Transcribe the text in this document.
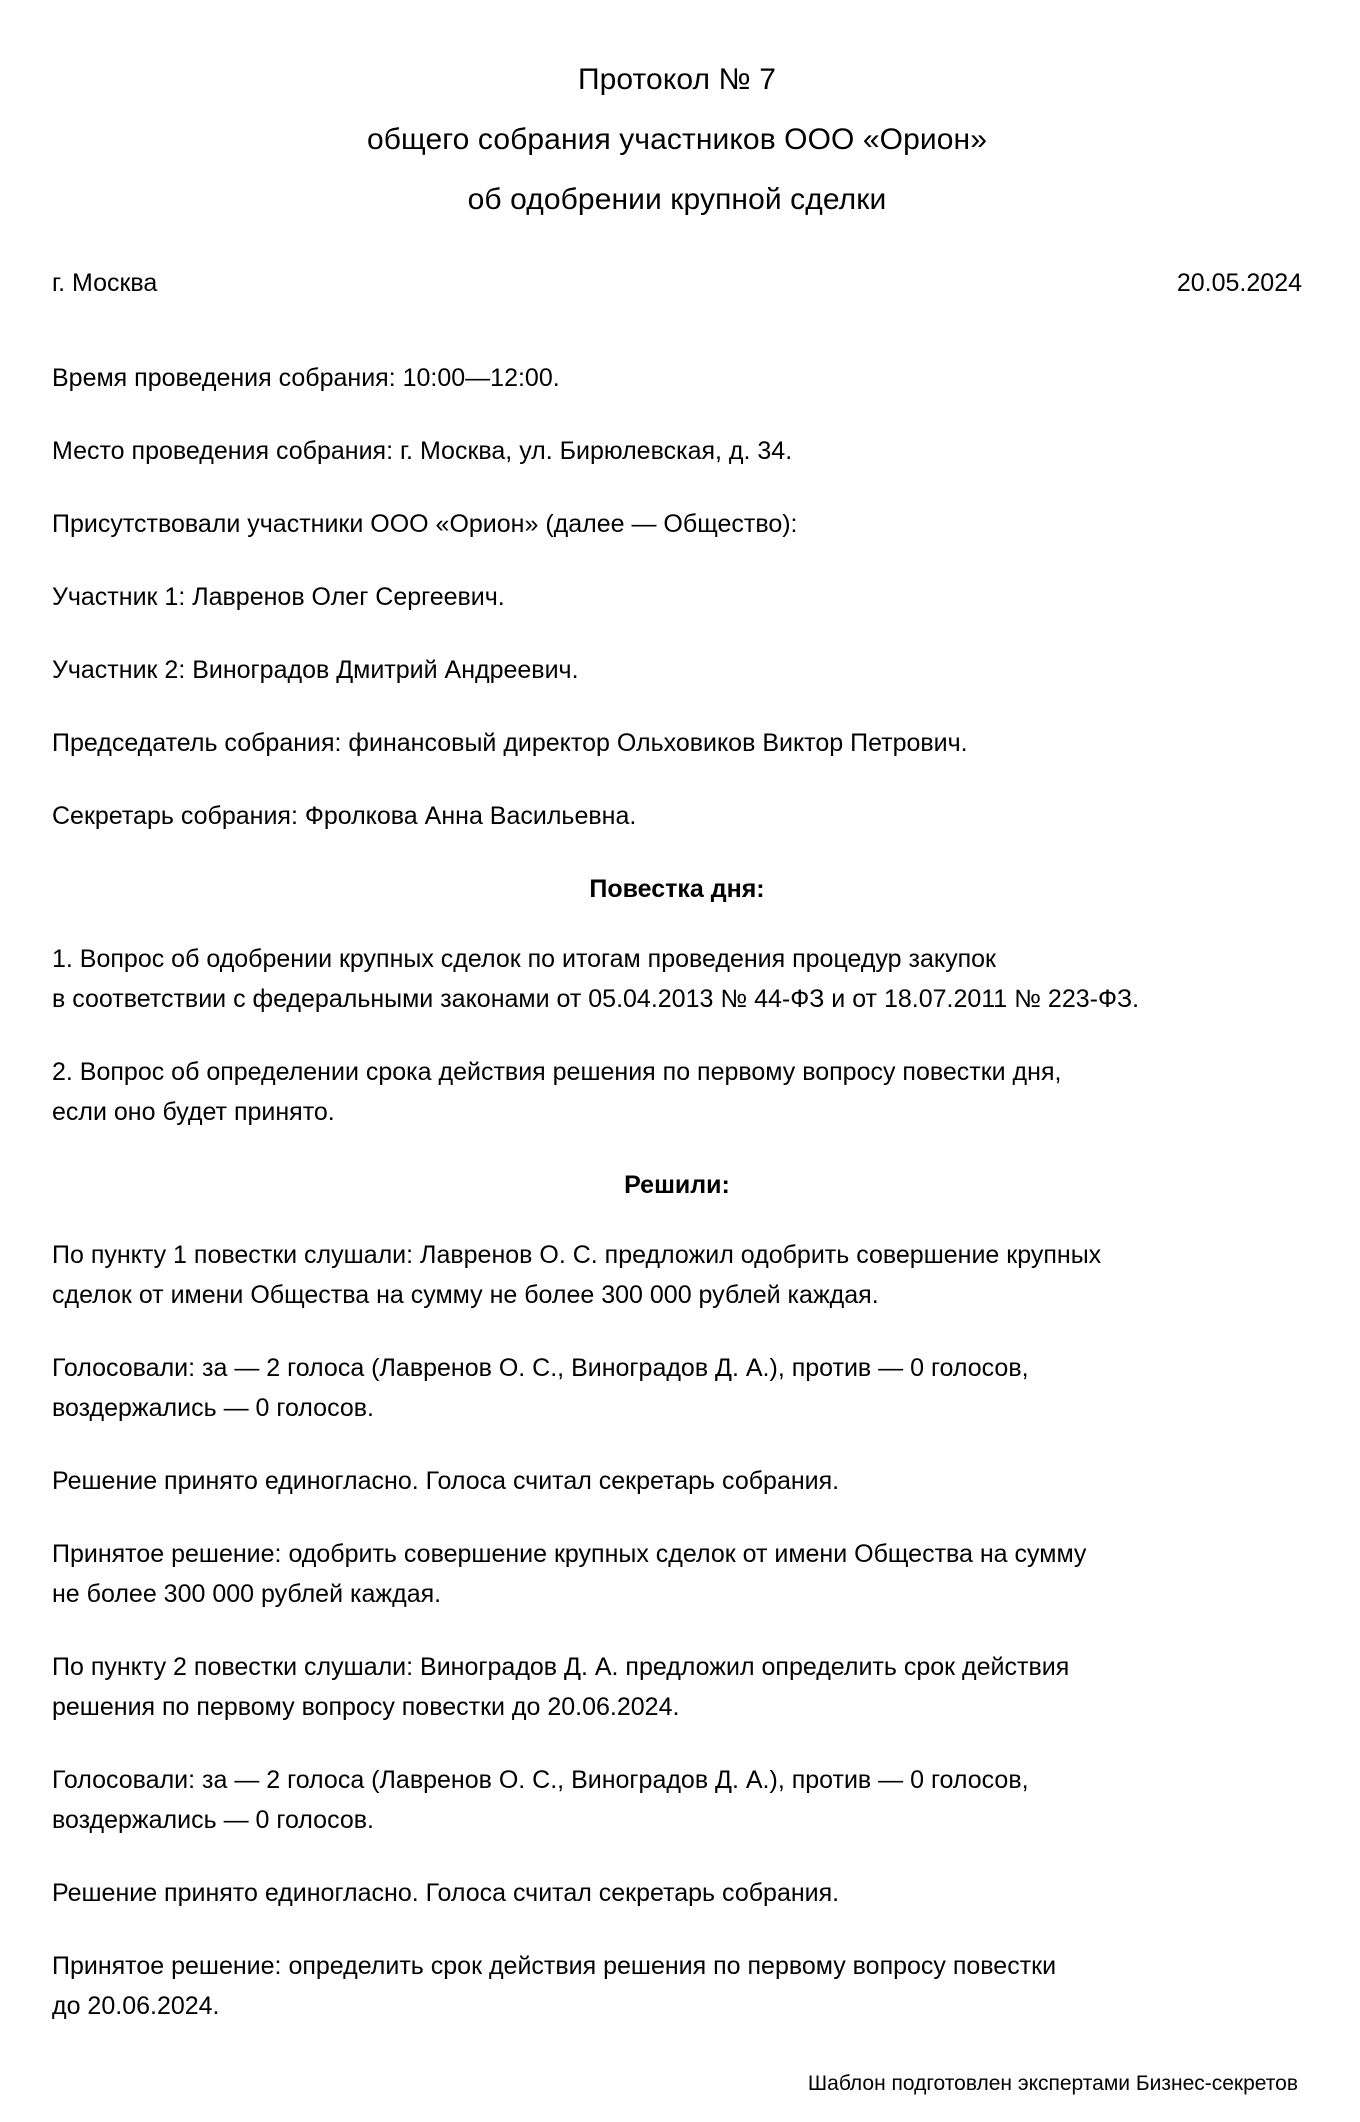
Протокол № 7
общего собрания участников ООО «Орион»
об одобрении крупной сделки
г. Москва	20.05.2024

Время проведения собрания: 10:00—12:00.

Место проведения собрания: г. Москва, ул. Бирюлевская, д. 34.

Присутствовали участники ООО «Орион» (далее — Общество):

Участник 1: Лавренов Олег Сергеевич.

Участник 2: Виноградов Дмитрий Андреевич.

Председатель собрания: финансовый директор Ольховиков Виктор Петрович.

Секретарь собрания: Фролкова Анна Васильевна.

Повестка дня:

1. Вопрос об одобрении крупных сделок по итогам проведения процедур закупок
в соответствии с федеральными законами от 05.04.2013 № 44-ФЗ и от 18.07.2011 № 223-ФЗ.

2. Вопрос об определении срока действия решения по первому вопросу повестки дня,
если оно будет принято.

Решили:

По пункту 1 повестки слушали: Лавренов О. С. предложил одобрить совершение крупных
сделок от имени Общества на сумму не более 300 000 рублей каждая.

Голосовали: за — 2 голоса (Лавренов О. С., Виноградов Д. А.), против — 0 голосов,
воздержались — 0 голосов.

Решение принято единогласно. Голоса считал секретарь собрания.

Принятое решение: одобрить совершение крупных сделок от имени Общества на сумму
не более 300 000 рублей каждая.

По пункту 2 повестки слушали: Виноградов Д. А. предложил определить срок действия
решения по первому вопросу повестки до 20.06.2024.

Голосовали: за — 2 голоса (Лавренов О. С., Виноградов Д. А.), против — 0 голосов,
воздержались — 0 голосов.

Решение принято единогласно. Голоса считал секретарь собрания.

Принятое решение: определить срок действия решения по первому вопросу повестки
до 20.06.2024.

Шаблон подготовлен экспертами Бизнес-секретов
